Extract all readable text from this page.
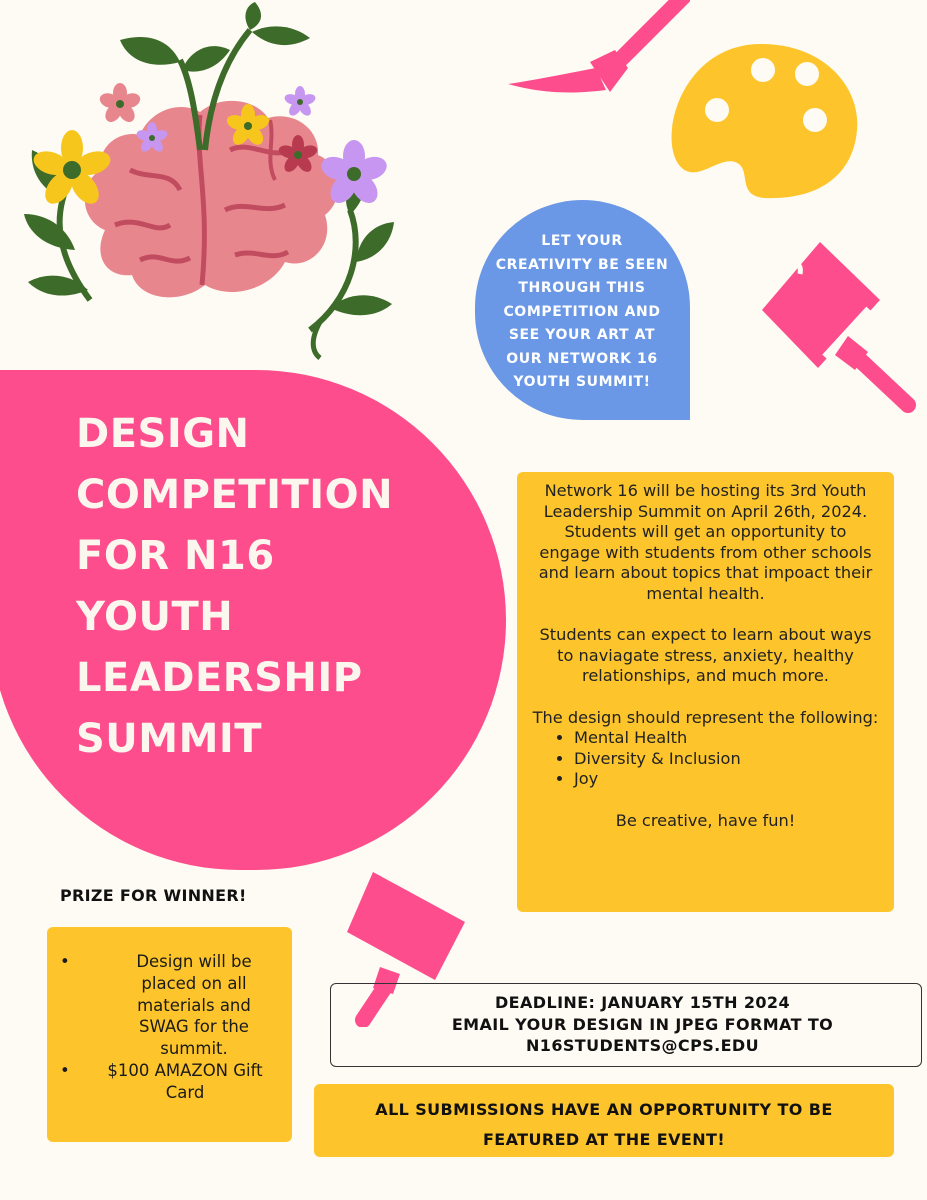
DESIGN
COMPETITION
FOR N16
YOUTH
LEADERSHIP
SUMMIT
LET YOUR
CREATIVITY BE SEEN
THROUGH THIS
COMPETITION AND
SEE YOUR ART AT
OUR NETWORK 16
YOUTH SUMMIT!
Network 16 will be hosting its 3rd Youth Leadership Summit on April 26th, 2024. Students will get an opportunity to engage with students from other schools and learn about topics that impoact their mental health.
Students can expect to learn about ways to naviagate stress, anxiety, healthy relationships, and much more.
The design should represent the following:
• Mental Health
• Diversity & Inclusion
• Joy
Be creative, have fun!
PRIZE FOR WINNER!
• Design will be placed on all materials and SWAG for the summit.
• $100 AMAZON Gift Card
DEADLINE: JANUARY 15TH 2024
EMAIL YOUR DESIGN IN JPEG FORMAT TO
N16STUDENTS@CPS.EDU
ALL SUBMISSIONS HAVE AN OPPORTUNITY TO BE
FEATURED AT THE EVENT!
